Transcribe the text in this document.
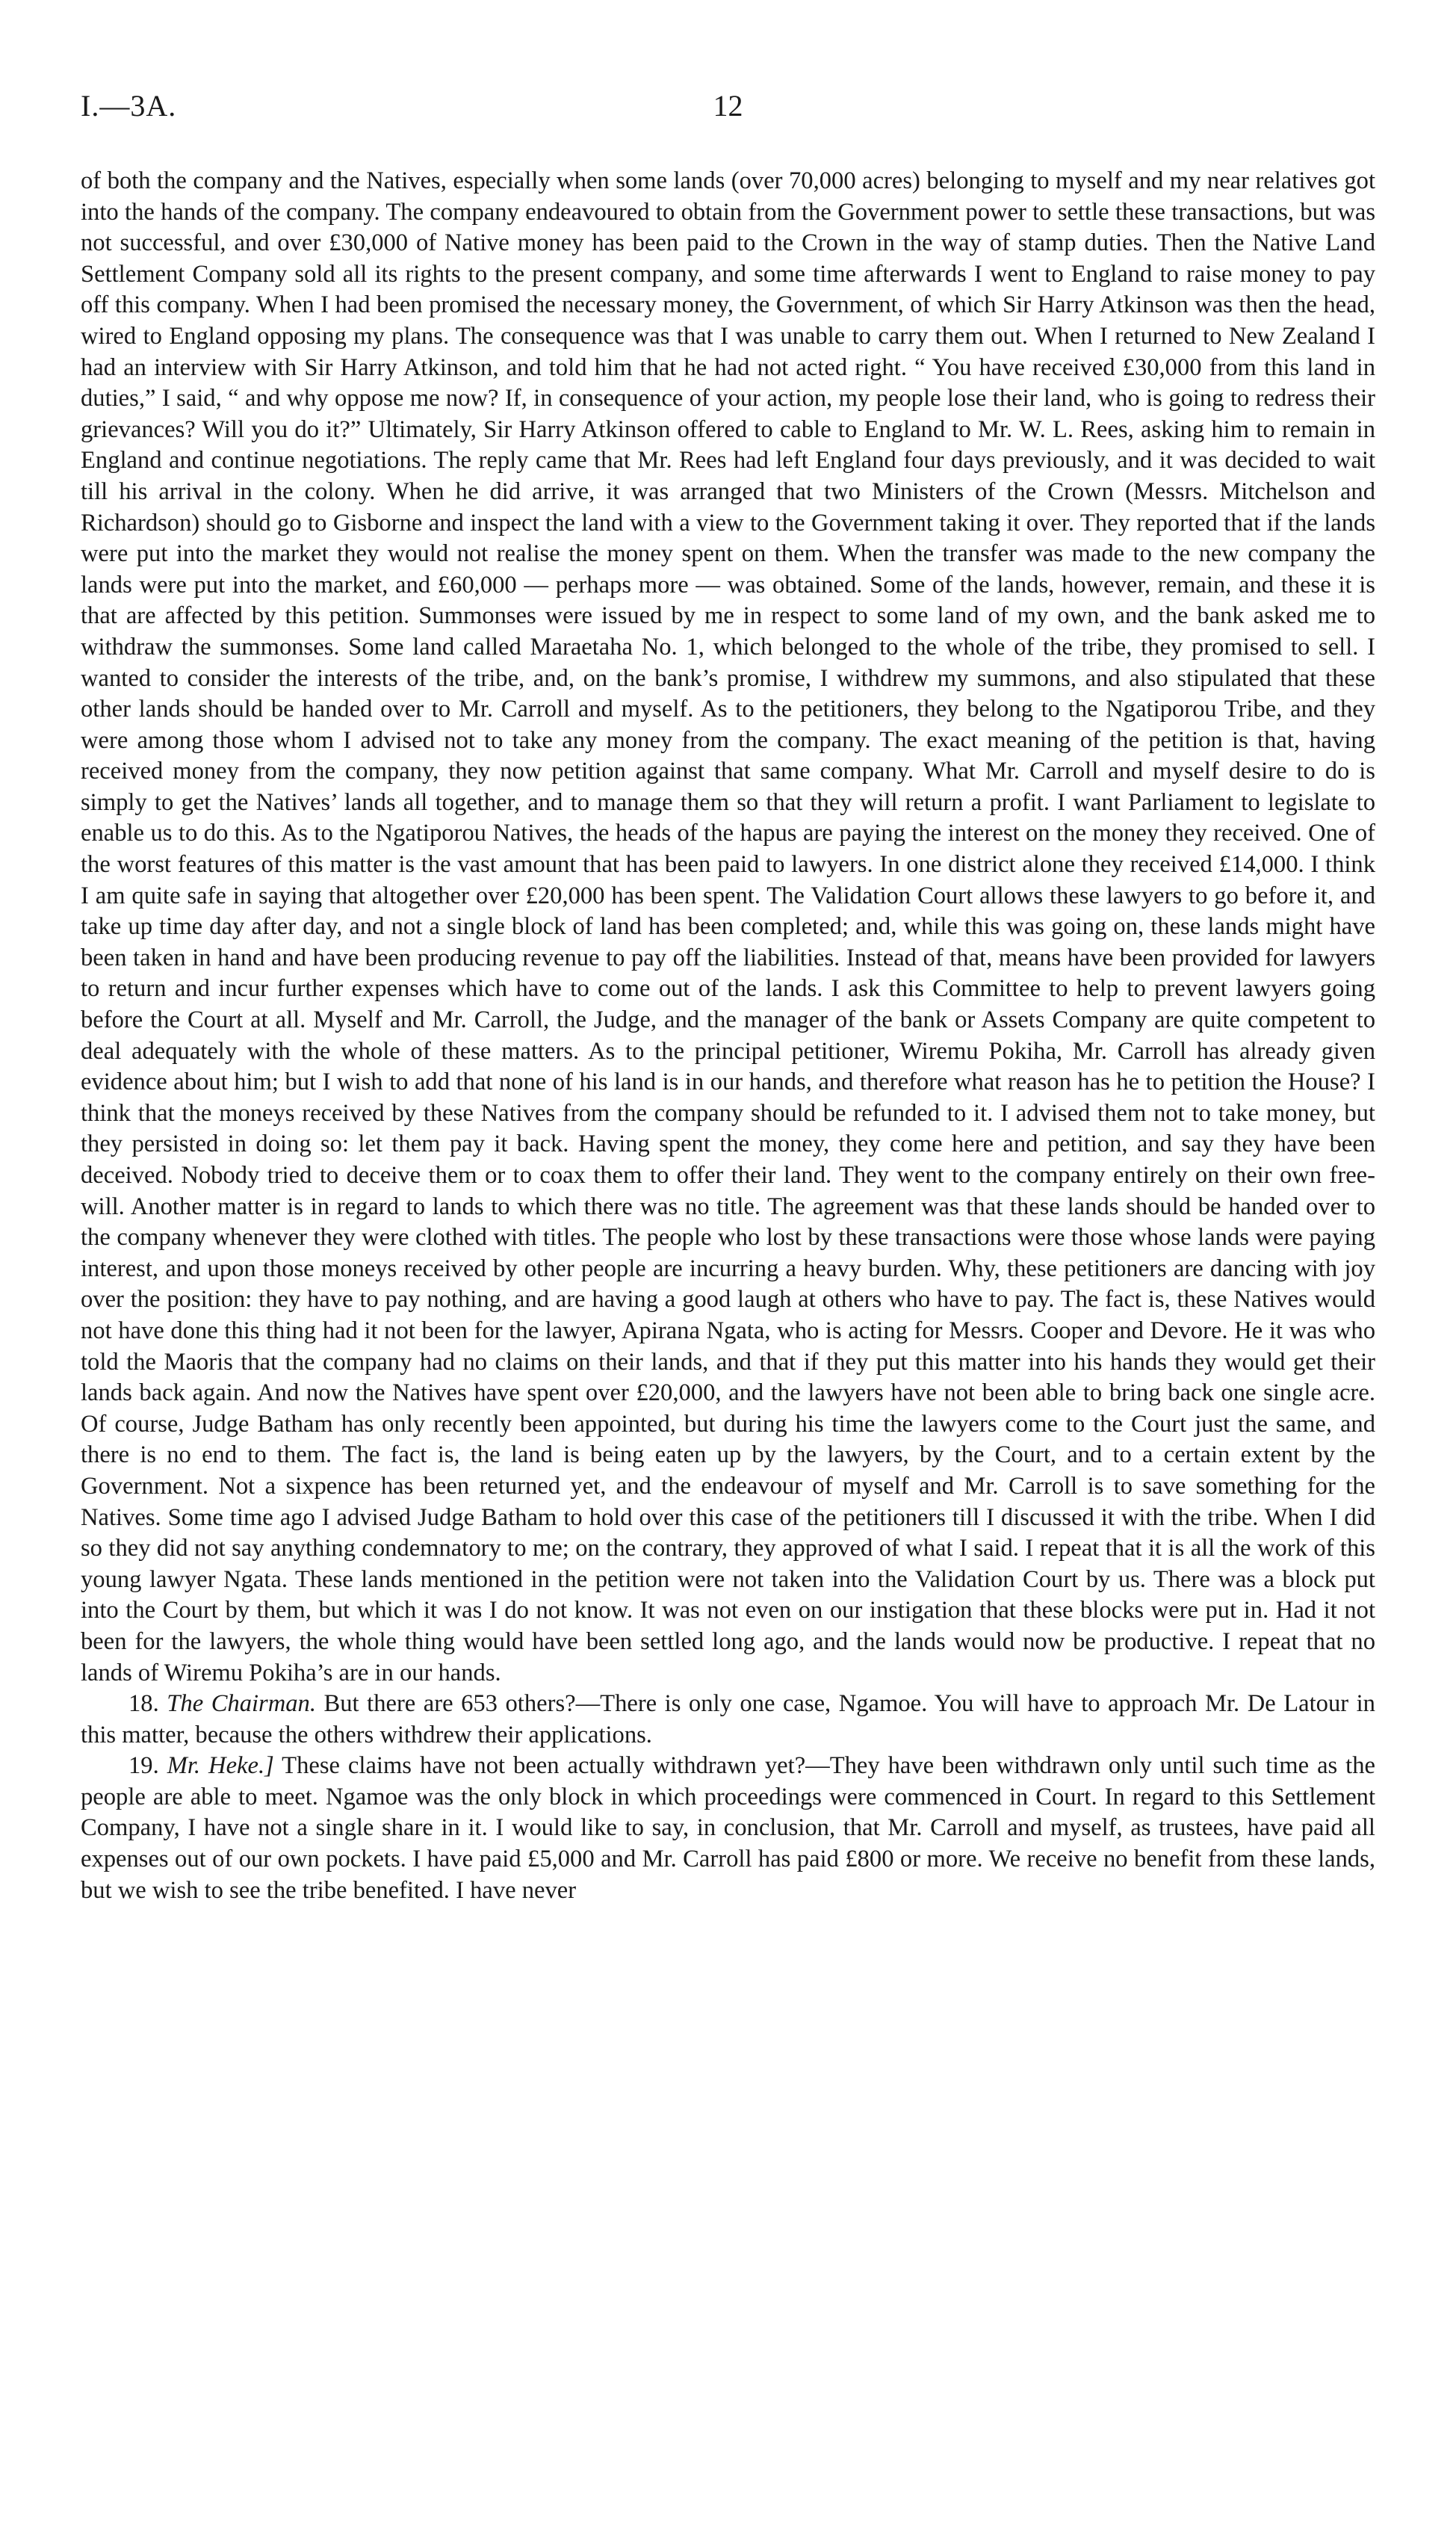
I.—3A.	12

of both the company and the Natives, especially when some lands (over 70,000 acres) belonging to myself and my near relatives got into the hands of the company. The company endeavoured to obtain from the Government power to settle these transactions, but was not successful, and over £30,000 of Native money has been paid to the Crown in the way of stamp duties. Then the Native Land Settlement Company sold all its rights to the present company, and some time afterwards I went to England to raise money to pay off this company. When I had been promised the necessary money, the Government, of which Sir Harry Atkinson was then the head, wired to England opposing my plans. The consequence was that I was unable to carry them out. When I returned to New Zealand I had an interview with Sir Harry Atkinson, and told him that he had not acted right. “ You have received £30,000 from this land in duties,” I said, “ and why oppose me now? If, in consequence of your action, my people lose their land, who is going to redress their grievances? Will you do it?” Ultimately, Sir Harry Atkinson offered to cable to England to Mr. W. L. Rees, asking him to remain in England and continue negotiations. The reply came that Mr. Rees had left England four days previously, and it was decided to wait till his arrival in the colony. When he did arrive, it was arranged that two Ministers of the Crown (Messrs. Mitchelson and Richardson) should go to Gisborne and inspect the land with a view to the Government taking it over. They reported that if the lands were put into the market they would not realise the money spent on them. When the transfer was made to the new company the lands were put into the market, and £60,000 — perhaps more — was obtained. Some of the lands, however, remain, and these it is that are affected by this petition. Summonses were issued by me in respect to some land of my own, and the bank asked me to withdraw the summonses. Some land called Maraetaha No. 1, which belonged to the whole of the tribe, they promised to sell. I wanted to consider the interests of the tribe, and, on the bank’s promise, I withdrew my summons, and also stipulated that these other lands should be handed over to Mr. Carroll and myself. As to the petitioners, they belong to the Ngatiporou Tribe, and they were among those whom I advised not to take any money from the company. The exact meaning of the petition is that, having received money from the company, they now petition against that same company. What Mr. Carroll and myself desire to do is simply to get the Natives’ lands all together, and to manage them so that they will return a profit. I want Parliament to legislate to enable us to do this. As to the Ngatiporou Natives, the heads of the hapus are paying the interest on the money they received. One of the worst features of this matter is the vast amount that has been paid to lawyers. In one district alone they received £14,000. I think I am quite safe in saying that altogether over £20,000 has been spent. The Validation Court allows these lawyers to go before it, and take up time day after day, and not a single block of land has been completed; and, while this was going on, these lands might have been taken in hand and have been producing revenue to pay off the liabilities. Instead of that, means have been provided for lawyers to return and incur further expenses which have to come out of the lands. I ask this Committee to help to prevent lawyers going before the Court at all. Myself and Mr. Carroll, the Judge, and the manager of the bank or Assets Company are quite competent to deal adequately with the whole of these matters. As to the principal petitioner, Wiremu Pokiha, Mr. Carroll has already given evidence about him; but I wish to add that none of his land is in our hands, and therefore what reason has he to petition the House? I think that the moneys received by these Natives from the company should be refunded to it. I advised them not to take money, but they persisted in doing so: let them pay it back. Having spent the money, they come here and petition, and say they have been deceived. Nobody tried to deceive them or to coax them to offer their land. They went to the company entirely on their own free-will. Another matter is in regard to lands to which there was no title. The agreement was that these lands should be handed over to the company whenever they were clothed with titles. The people who lost by these transactions were those whose lands were paying interest, and upon those moneys received by other people are incurring a heavy burden. Why, these petitioners are dancing with joy over the position: they have to pay nothing, and are having a good laugh at others who have to pay. The fact is, these Natives would not have done this thing had it not been for the lawyer, Apirana Ngata, who is acting for Messrs. Cooper and Devore. He it was who told the Maoris that the company had no claims on their lands, and that if they put this matter into his hands they would get their lands back again. And now the Natives have spent over £20,000, and the lawyers have not been able to bring back one single acre. Of course, Judge Batham has only recently been appointed, but during his time the lawyers come to the Court just the same, and there is no end to them. The fact is, the land is being eaten up by the lawyers, by the Court, and to a certain extent by the Government. Not a sixpence has been returned yet, and the endeavour of myself and Mr. Carroll is to save something for the Natives. Some time ago I advised Judge Batham to hold over this case of the petitioners till I discussed it with the tribe. When I did so they did not say anything condemnatory to me; on the contrary, they approved of what I said. I repeat that it is all the work of this young lawyer Ngata. These lands mentioned in the petition were not taken into the Validation Court by us. There was a block put into the Court by them, but which it was I do not know. It was not even on our instigation that these blocks were put in. Had it not been for the lawyers, the whole thing would have been settled long ago, and the lands would now be productive. I repeat that no lands of Wiremu Pokiha’s are in our hands.

18. The Chairman. But there are 653 others?—There is only one case, Ngamoe. You will have to approach Mr. De Latour in this matter, because the others withdrew their applications.

19. Mr. Heke.] These claims have not been actually withdrawn yet?—They have been withdrawn only until such time as the people are able to meet. Ngamoe was the only block in which proceedings were commenced in Court. In regard to this Settlement Company, I have not a single share in it. I would like to say, in conclusion, that Mr. Carroll and myself, as trustees, have paid all expenses out of our own pockets. I have paid £5,000 and Mr. Carroll has paid £800 or more. We receive no benefit from these lands, but we wish to see the tribe benefited. I have never
